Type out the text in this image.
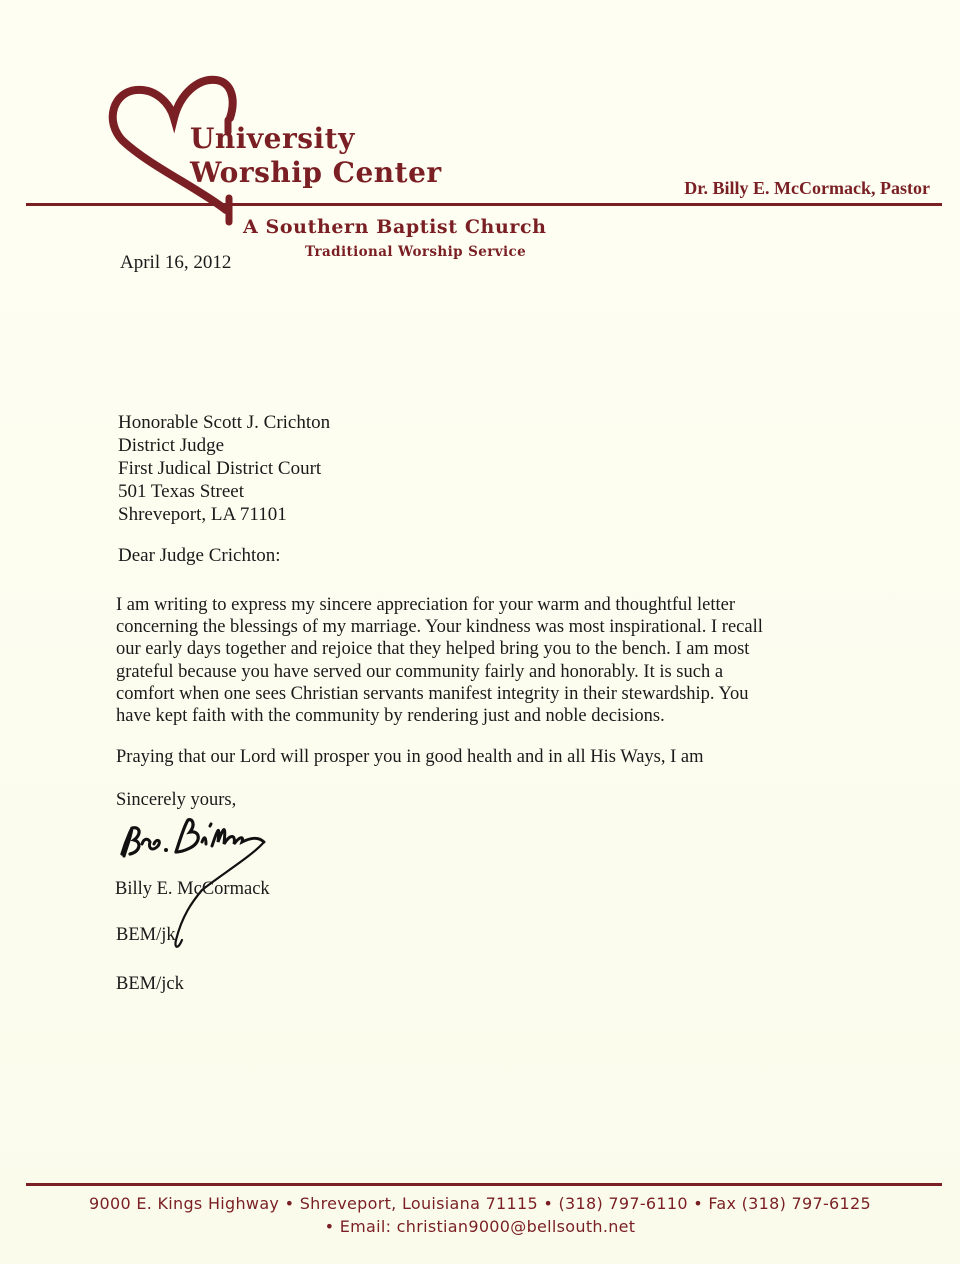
University
Worship Center	Dr. Billy E. McCormack, Pastor
A Southern Baptist Church
Traditional Worship Service
April 16, 2012
Honorable Scott J. Crichton
District Judge
First Judical District Court
501 Texas Street
Shreveport, LA 71101
Dear Judge Crichton:
I am writing to express my sincere appreciation for your warm and thoughtful letter
concerning the blessings of my marriage. Your kindness was most inspirational. I recall
our early days together and rejoice that they helped bring you to the bench. I am most
grateful because you have served our community fairly and honorably. It is such a
comfort when one sees Christian servants manifest integrity in their stewardship. You
have kept faith with the community by rendering just and noble decisions.
Praying that our Lord will prosper you in good health and in all His Ways, I am
Sincerely yours,
Billy E. McCormack
BEM/jk
BEM/jck
9000 E. Kings Highway • Shreveport, Louisiana 71115 • (318) 797-6110 • Fax (318) 797-6125
• Email: christian9000@bellsouth.net
